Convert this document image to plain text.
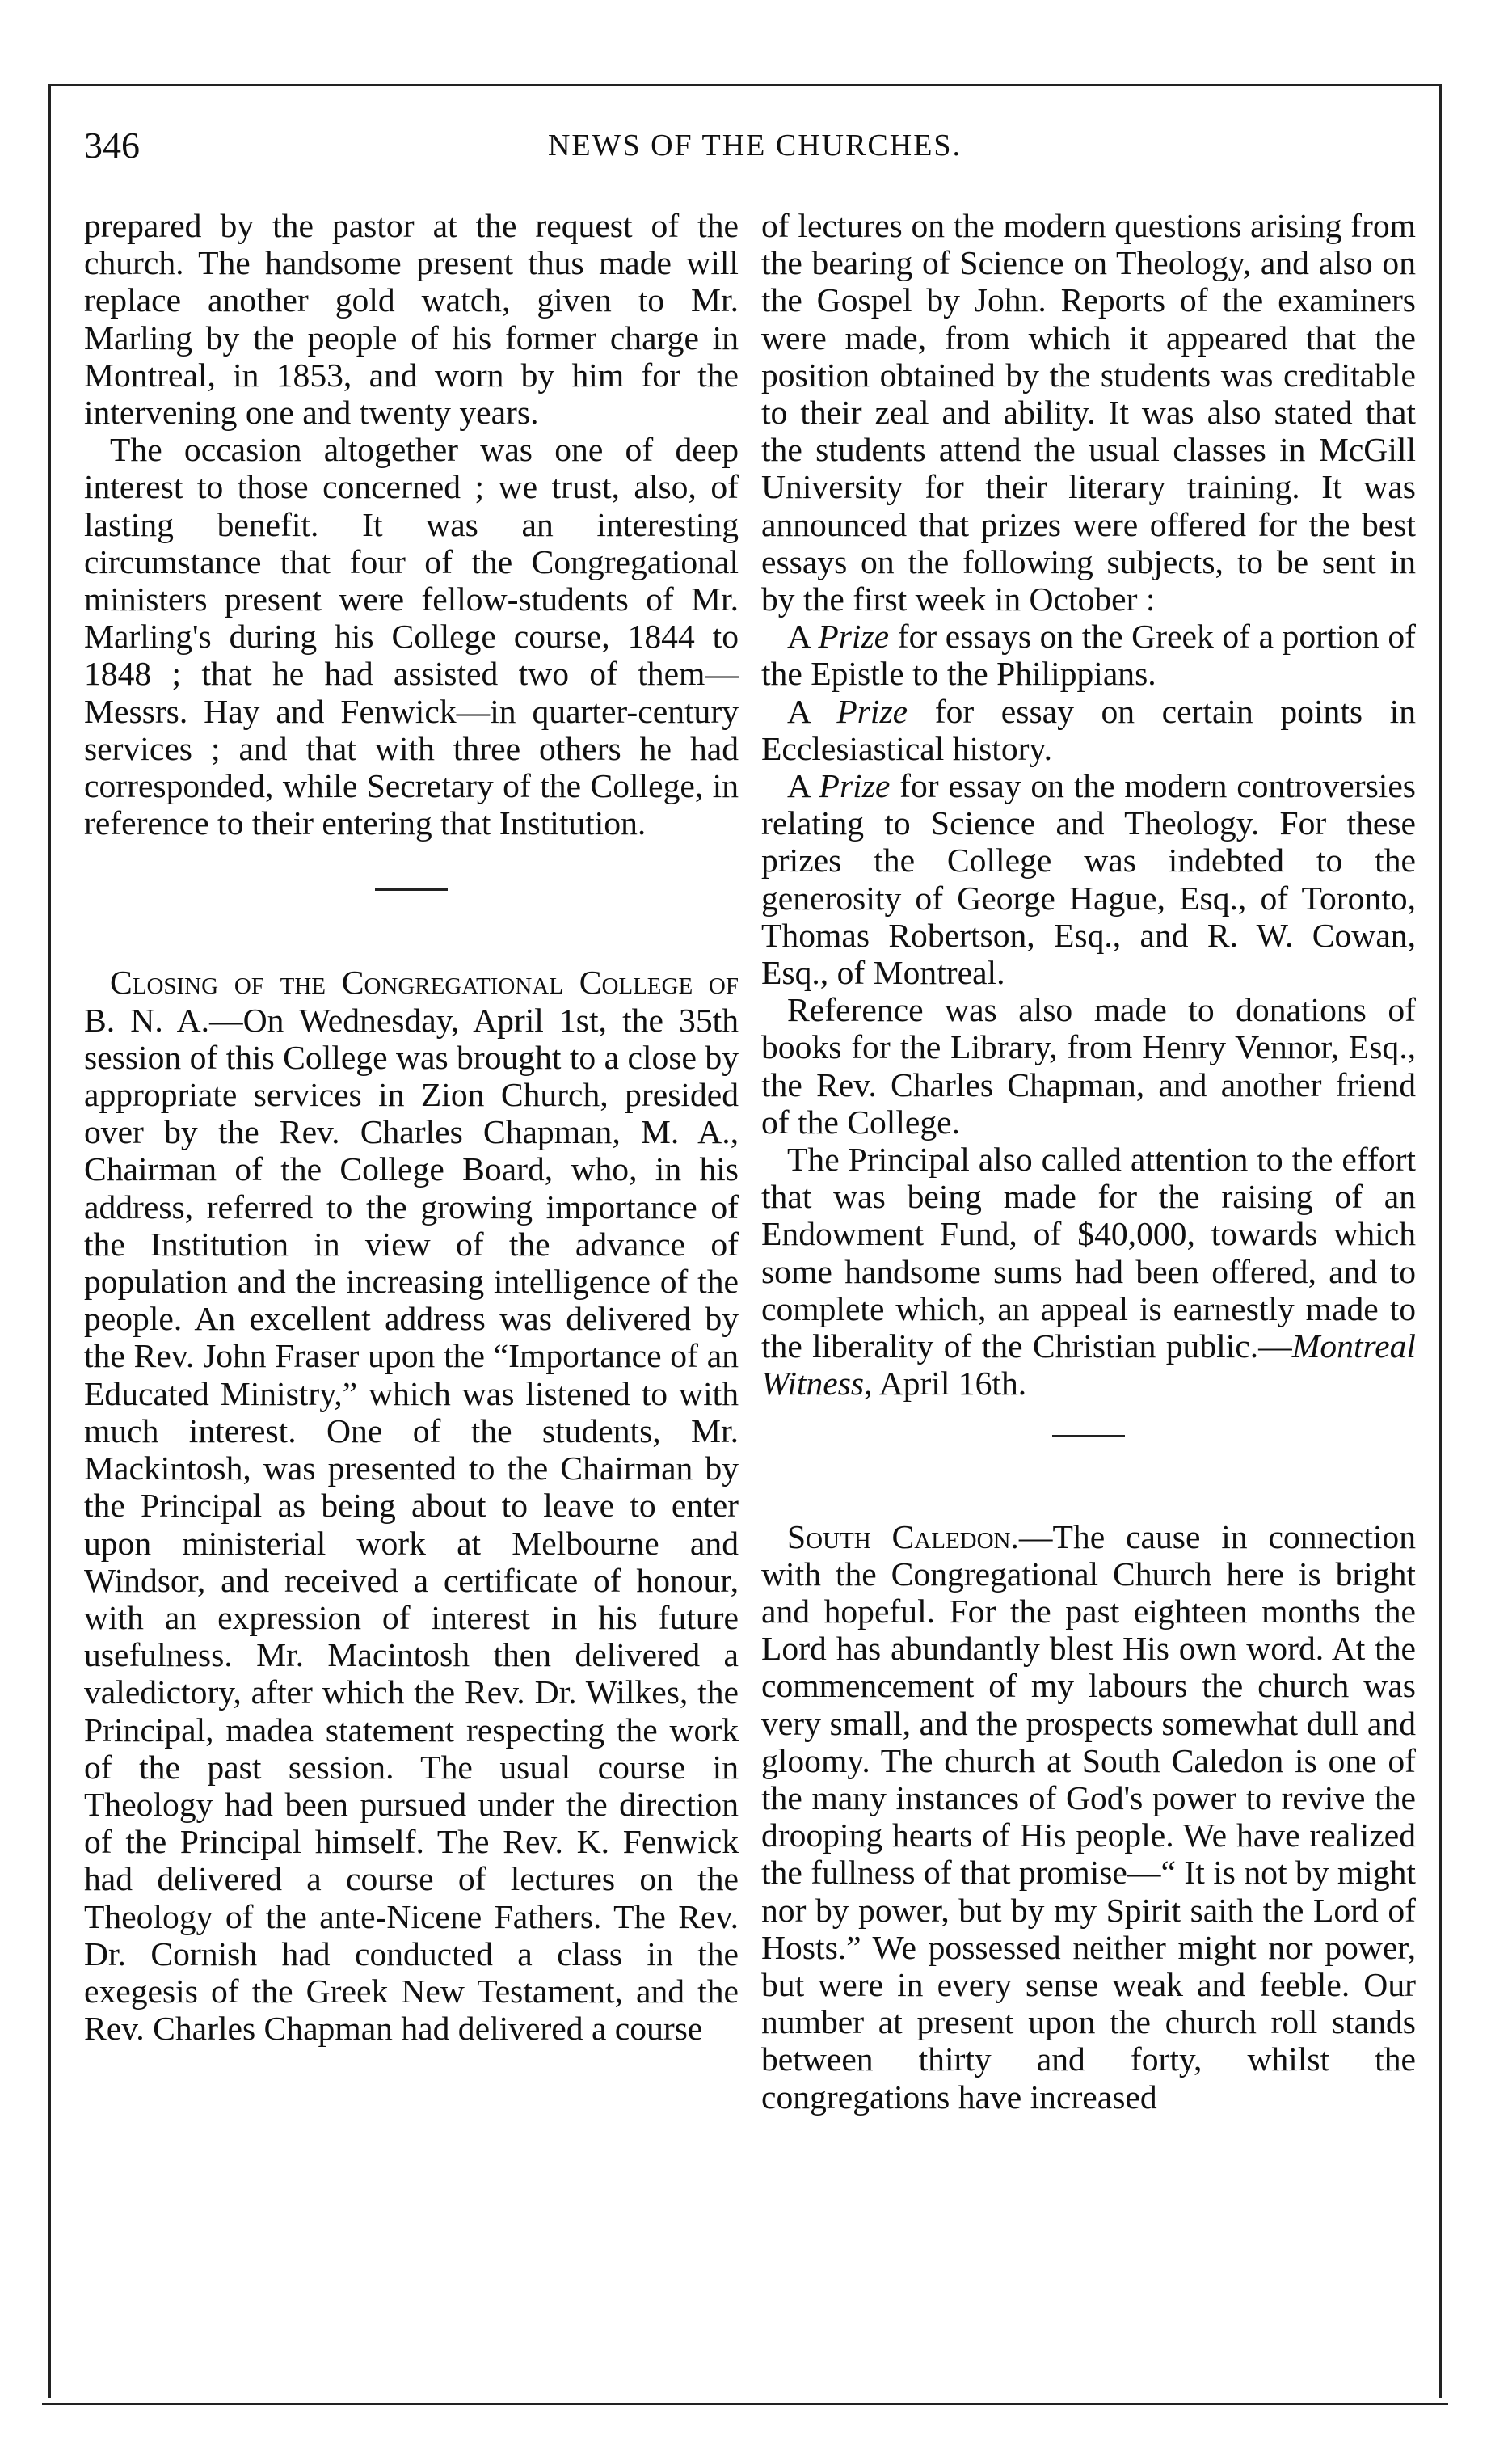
346	NEWS OF THE CHURCHES.

prepared by the pastor at the request of the church. The handsome present thus made will replace another gold watch, given to Mr. Marling by the people of his former charge in Montreal, in 1853, and worn by him for the intervening one and twenty years.

The occasion altogether was one of deep interest to those concerned ; we trust, also, of lasting benefit. It was an interesting circumstance that four of the Congregational ministers present were fellow-students of Mr. Marling's during his College course, 1844 to 1848 ; that he had assisted two of them—Messrs. Hay and Fenwick—in quarter-century services ; and that with three others he had corresponded, while Secretary of the College, in reference to their entering that Institution.

Closing of the Congregational College of B. N. A.—On Wednesday, April 1st, the 35th session of this College was brought to a close by appropriate services in Zion Church, presided over by the Rev. Charles Chapman, M. A., Chairman of the College Board, who, in his address, referred to the growing importance of the Institution in view of the advance of population and the increasing intelligence of the people. An excellent address was delivered by the Rev. John Fraser upon the “Importance of an Educated Ministry,” which was listened to with much interest. One of the students, Mr. Mackintosh, was presented to the Chairman by the Principal as being about to leave to enter upon ministerial work at Melbourne and Windsor, and received a certificate of honour, with an expression of interest in his future usefulness. Mr. Macintosh then delivered a valedictory, after which the Rev. Dr. Wilkes, the Principal, madea statement respecting the work of the past session. The usual course in Theology had been pursued under the direction of the Principal himself. The Rev. K. Fenwick had delivered a course of lectures on the Theology of the ante-Nicene Fathers. The Rev. Dr. Cornish had conducted a class in the exegesis of the Greek New Testament, and the Rev. Charles Chapman had delivered a course

of lectures on the modern questions arising from the bearing of Science on Theology, and also on the Gospel by John. Reports of the examiners were made, from which it appeared that the position obtained by the students was creditable to their zeal and ability. It was also stated that the students attend the usual classes in McGill University for their literary training. It was announced that prizes were offered for the best essays on the following subjects, to be sent in by the first week in October :

A Prize for essays on the Greek of a portion of the Epistle to the Philippians.

A Prize for essay on certain points in Ecclesiastical history.

A Prize for essay on the modern controversies relating to Science and Theology. For these prizes the College was indebted to the generosity of George Hague, Esq., of Toronto, Thomas Robertson, Esq., and R. W. Cowan, Esq., of Montreal.

Reference was also made to donations of books for the Library, from Henry Vennor, Esq., the Rev. Charles Chapman, and another friend of the College.

The Principal also called attention to the effort that was being made for the raising of an Endowment Fund, of $40,000, towards which some handsome sums had been offered, and to complete which, an appeal is earnestly made to the liberality of the Christian public.—Montreal Witness, April 16th.

South Caledon.—The cause in connection with the Congregational Church here is bright and hopeful. For the past eighteen months the Lord has abundantly blest His own word. At the commencement of my labours the church was very small, and the prospects somewhat dull and gloomy. The church at South Caledon is one of the many instances of God's power to revive the drooping hearts of His people. We have realized the fullness of that promise—“ It is not by might nor by power, but by my Spirit saith the Lord of Hosts.” We possessed neither might nor power, but were in every sense weak and feeble. Our number at present upon the church roll stands between thirty and forty, whilst the congregations have increased
